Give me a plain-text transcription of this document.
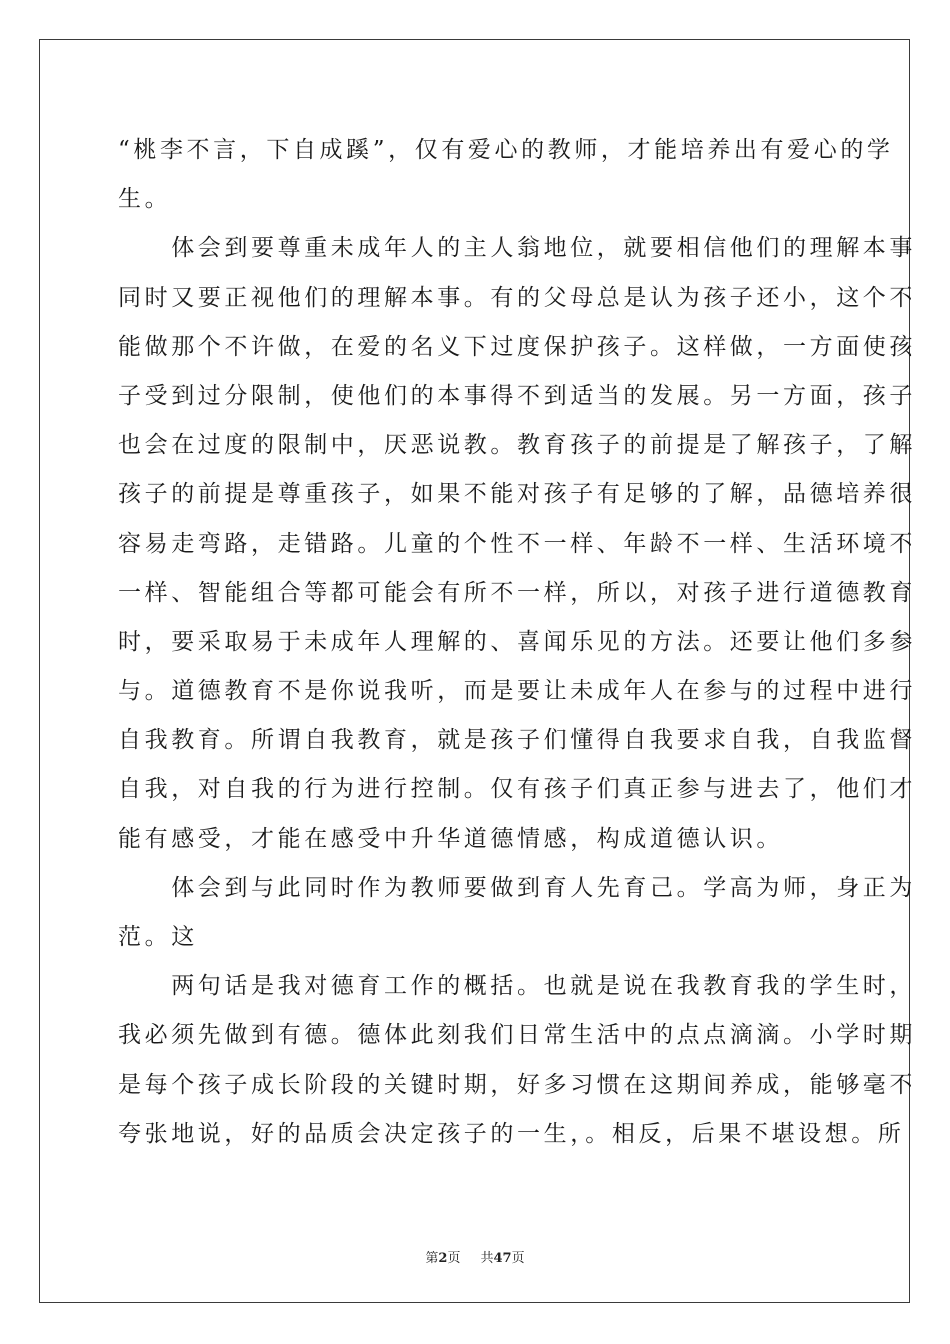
“桃李不言，下自成蹊”，仅有爱心的教师，才能培养出有爱心的学
生。
　　体会到要尊重未成年人的主人翁地位，就要相信他们的理解本事
同时又要正视他们的理解本事。有的父母总是认为孩子还小，这个不
能做那个不许做，在爱的名义下过度保护孩子。这样做，一方面使孩
子受到过分限制，使他们的本事得不到适当的发展。另一方面，孩子
也会在过度的限制中，厌恶说教。教育孩子的前提是了解孩子，了解
孩子的前提是尊重孩子，如果不能对孩子有足够的了解，品德培养很
容易走弯路，走错路。儿童的个性不一样、年龄不一样、生活环境不
一样、智能组合等都可能会有所不一样，所以，对孩子进行道德教育
时，要采取易于未成年人理解的、喜闻乐见的方法。还要让他们多参
与。道德教育不是你说我听，而是要让未成年人在参与的过程中进行
自我教育。所谓自我教育，就是孩子们懂得自我要求自我，自我监督
自我，对自我的行为进行控制。仅有孩子们真正参与进去了，他们才
能有感受，才能在感受中升华道德情感，构成道德认识。
　　体会到与此同时作为教师要做到育人先育己。学高为师，身正为
范。这
　　两句话是我对德育工作的概括。也就是说在我教育我的学生时，
我必须先做到有德。德体此刻我们日常生活中的点点滴滴。小学时期
是每个孩子成长阶段的关键时期，好多习惯在这期间养成，能够毫不
夸张地说，好的品质会决定孩子的一生，。相反，后果不堪设想。所
第2页 共47页
